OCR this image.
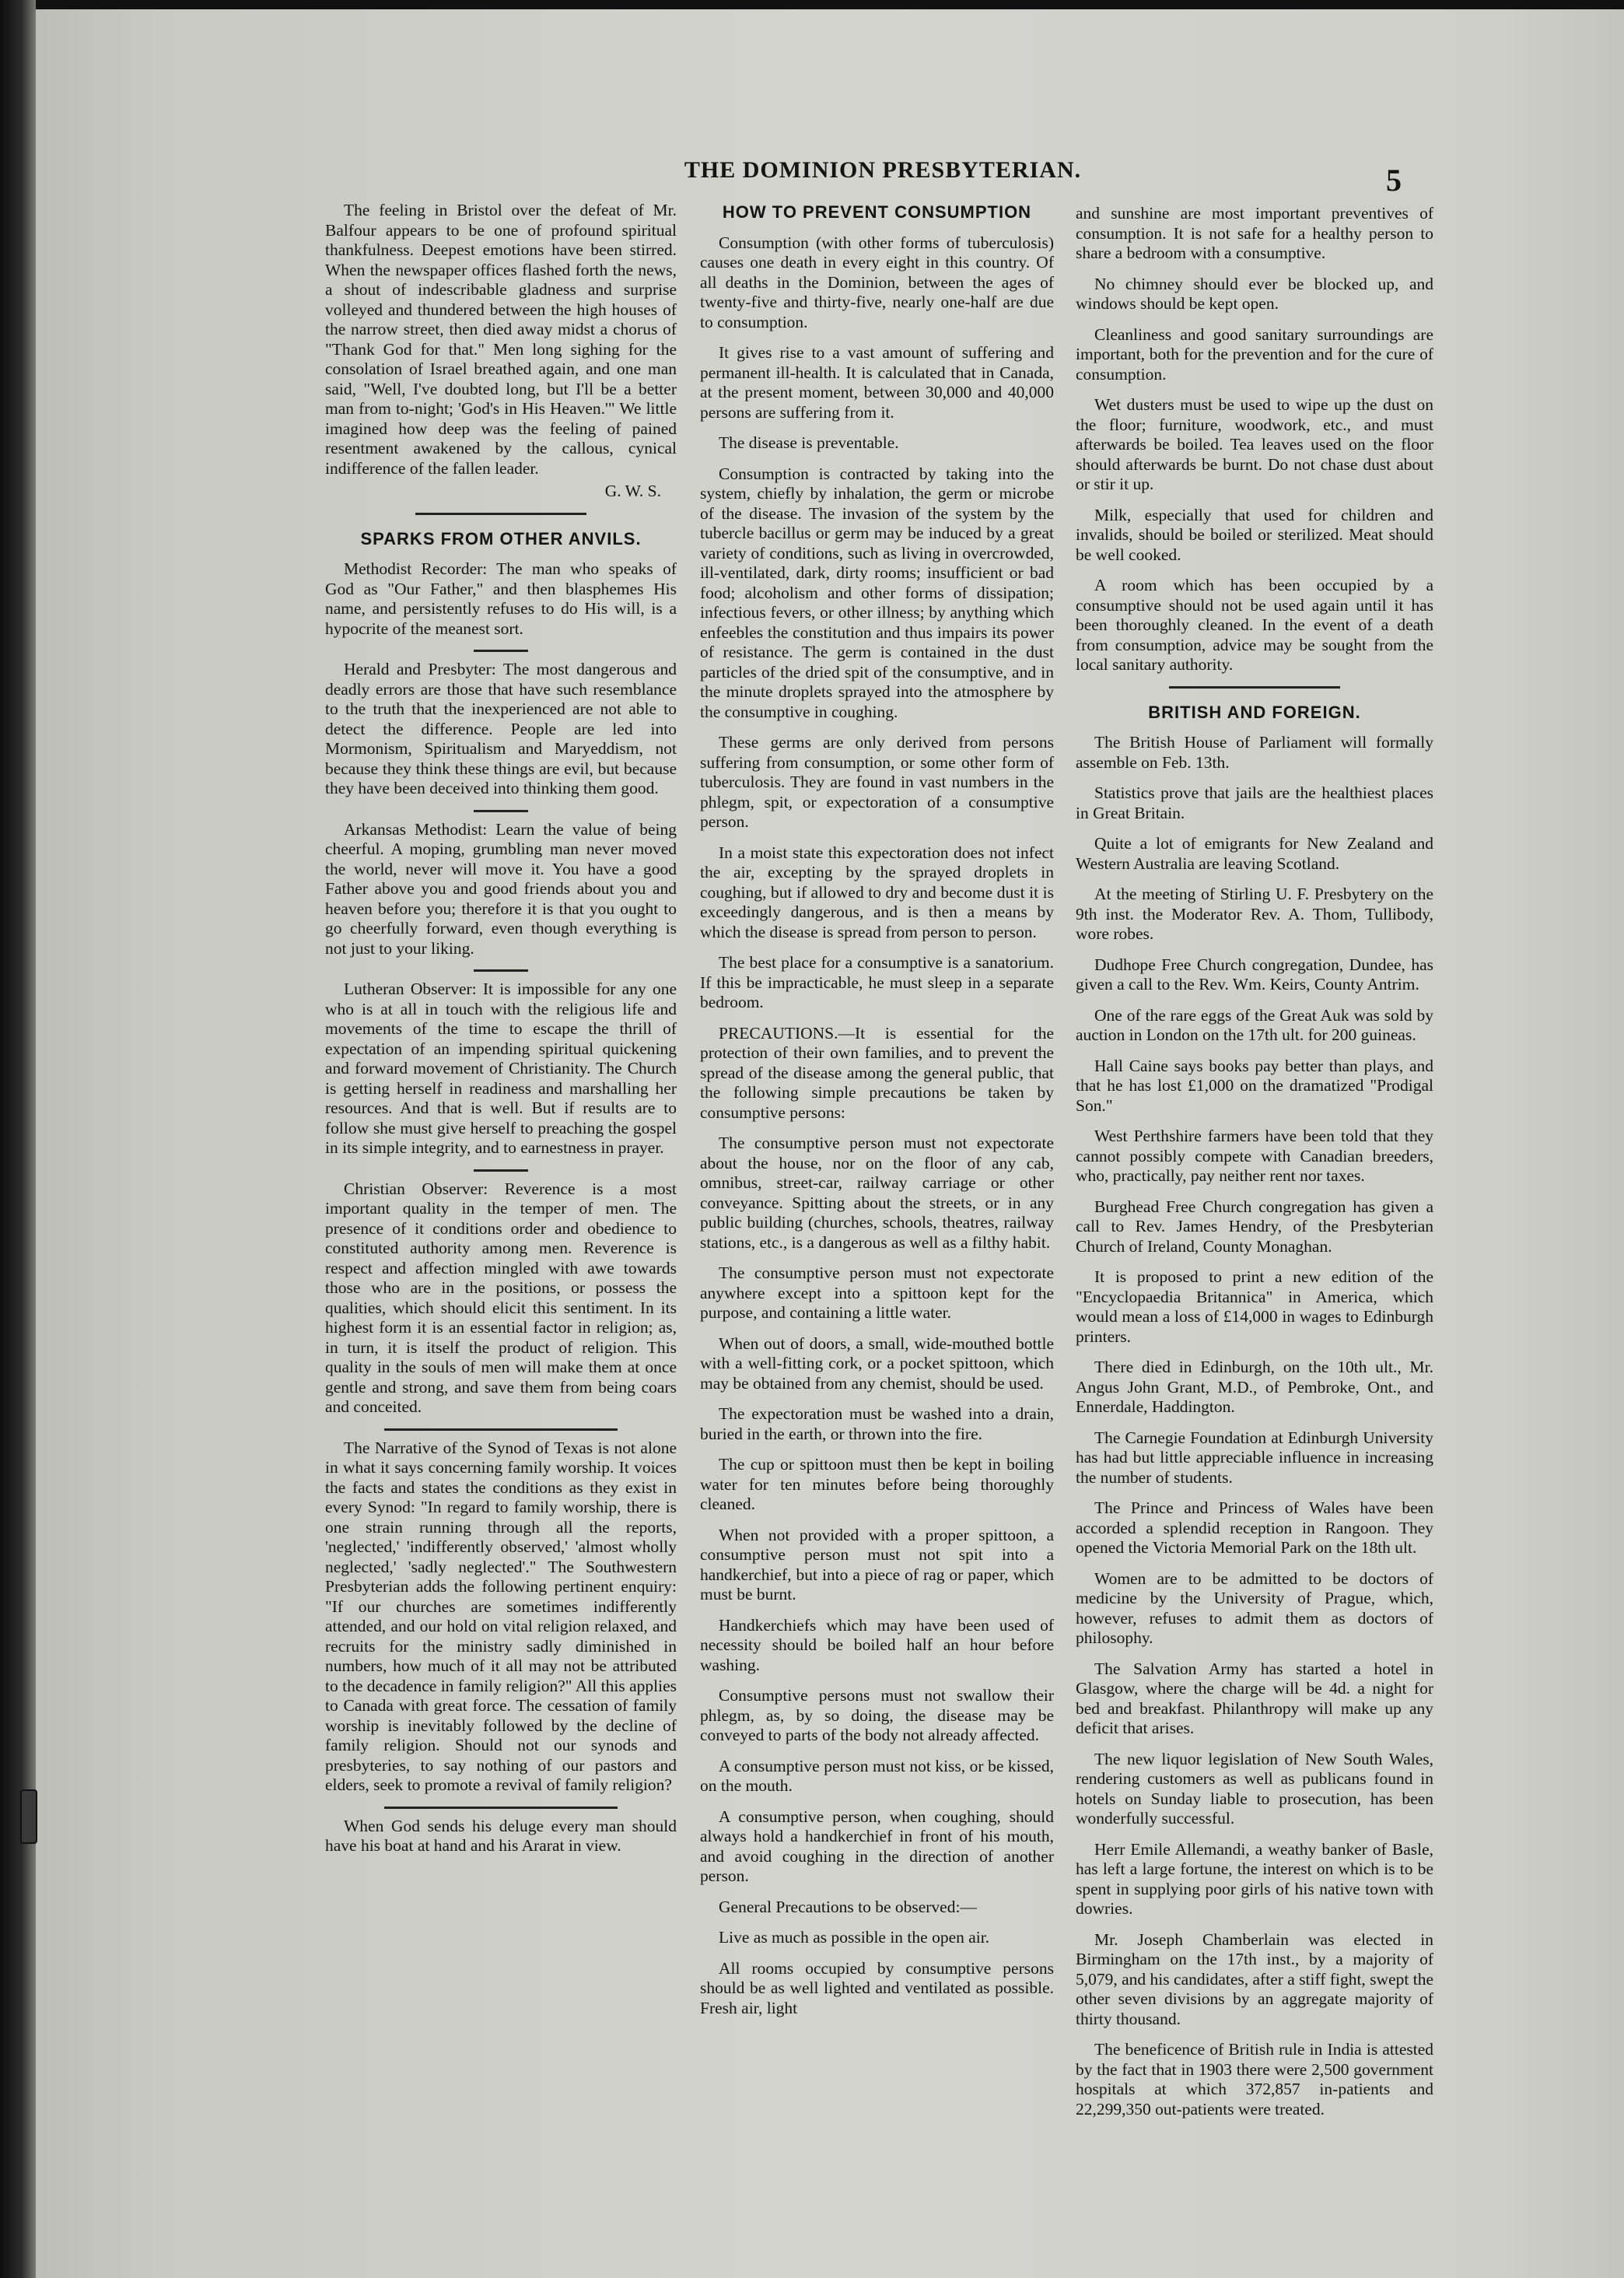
THE DOMINION PRESBYTERIAN.	5

The feeling in Bristol over the defeat of Mr. Balfour appears to be one of profound spiritual thankfulness. Deepest emotions have been stirred. When the newspaper offices flashed forth the news, a shout of indescribable gladness and surprise volleyed and thundered between the high houses of the narrow street, then died away midst a chorus of "Thank God for that." Men long sighing for the consolation of Israel breathed again, and one man said, "Well, I've doubted long, but I'll be a better man from to-night; 'God's in His Heaven.'" We little imagined how deep was the feeling of pained resentment awakened by the callous, cynical indifference of the fallen leader.

G. W. S.
SPARKS FROM OTHER ANVILS.

Methodist Recorder: The man who speaks of God as "Our Father," and then blasphemes His name, and persistently refuses to do His will, is a hypocrite of the meanest sort.

Herald and Presbyter: The most dangerous and deadly errors are those that have such resemblance to the truth that the inexperienced are not able to detect the difference. People are led into Mormonism, Spiritualism and Maryeddism, not because they think these things are evil, but because they have been deceived into thinking them good.

Arkansas Methodist: Learn the value of being cheerful. A moping, grumbling man never moved the world, never will move it. You have a good Father above you and good friends about you and heaven before you; therefore it is that you ought to go cheerfully forward, even though everything is not just to your liking.

Lutheran Observer: It is impossible for any one who is at all in touch with the religious life and movements of the time to escape the thrill of expectation of an impending spiritual quickening and forward movement of Christianity. The Church is getting herself in readiness and marshalling her resources. And that is well. But if results are to follow she must give herself to preaching the gospel in its simple integrity, and to earnestness in prayer.

Christian Observer: Reverence is a most important quality in the temper of men. The presence of it conditions order and obedience to constituted authority among men. Reverence is respect and affection mingled with awe towards those who are in the positions, or possess the qualities, which should elicit this sentiment. In its highest form it is an essential factor in religion; as, in turn, it is itself the product of religion. This quality in the souls of men will make them at once gentle and strong, and save them from being coars and conceited.

The Narrative of the Synod of Texas is not alone in what it says concerning family worship. It voices the facts and states the conditions as they exist in every Synod: "In regard to family worship, there is one strain running through all the reports, 'neglected,' 'indifferently observed,' 'almost wholly neglected,' 'sadly neglected'." The Southwestern Presbyterian adds the following pertinent enquiry: "If our churches are sometimes indifferently attended, and our hold on vital religion relaxed, and recruits for the ministry sadly diminished in numbers, how much of it all may not be attributed to the decadence in family religion?" All this applies to Canada with great force. The cessation of family worship is inevitably followed by the decline of family religion. Should not our synods and presbyteries, to say nothing of our pastors and elders, seek to promote a revival of family religion?

When God sends his deluge every man should have his boat at hand and his Ararat in view.

HOW TO PREVENT CONSUMPTION

Consumption (with other forms of tuberculosis) causes one death in every eight in this country. Of all deaths in the Dominion, between the ages of twenty-five and thirty-five, nearly one-half are due to consumption.

It gives rise to a vast amount of suffering and permanent ill-health. It is calculated that in Canada, at the present moment, between 30,000 and 40,000 persons are suffering from it.

The disease is preventable.

Consumption is contracted by taking into the system, chiefly by inhalation, the germ or microbe of the disease. The invasion of the system by the tubercle bacillus or germ may be induced by a great variety of conditions, such as living in overcrowded, ill-ventilated, dark, dirty rooms; insufficient or bad food; alcoholism and other forms of dissipation; infectious fevers, or other illness; by anything which enfeebles the constitution and thus impairs its power of resistance. The germ is contained in the dust particles of the dried spit of the consumptive, and in the minute droplets sprayed into the atmosphere by the consumptive in coughing.

These germs are only derived from persons suffering from consumption, or some other form of tuberculosis. They are found in vast numbers in the phlegm, spit, or expectoration of a consumptive person.

In a moist state this expectoration does not infect the air, excepting by the sprayed droplets in coughing, but if allowed to dry and become dust it is exceedingly dangerous, and is then a means by which the disease is spread from person to person.

The best place for a consumptive is a sanatorium. If this be impracticable, he must sleep in a separate bedroom.

PRECAUTIONS.—It is essential for the protection of their own families, and to prevent the spread of the disease among the general public, that the following simple precautions be taken by consumptive persons:

The consumptive person must not expectorate about the house, nor on the floor of any cab, omnibus, street-car, railway carriage or other conveyance. Spitting about the streets, or in any public building (churches, schools, theatres, railway stations, etc., is a dangerous as well as a filthy habit.

The consumptive person must not expectorate anywhere except into a spittoon kept for the purpose, and containing a little water.

When out of doors, a small, wide-mouthed bottle with a well-fitting cork, or a pocket spittoon, which may be obtained from any chemist, should be used.

The expectoration must be washed into a drain, buried in the earth, or thrown into the fire.

The cup or spittoon must then be kept in boiling water for ten minutes before being thoroughly cleaned.

When not provided with a proper spittoon, a consumptive person must not spit into a handkerchief, but into a piece of rag or paper, which must be burnt.

Handkerchiefs which may have been used of necessity should be boiled half an hour before washing.

Consumptive persons must not swallow their phlegm, as, by so doing, the disease may be conveyed to parts of the body not already affected.

A consumptive person must not kiss, or be kissed, on the mouth.

A consumptive person, when coughing, should always hold a handkerchief in front of his mouth, and avoid coughing in the direction of another person.

General Precautions to be observed:—

Live as much as possible in the open air.

All rooms occupied by consumptive persons should be as well lighted and ventilated as possible. Fresh air, light

and sunshine are most important preventives of consumption. It is not safe for a healthy person to share a bedroom with a consumptive.

No chimney should ever be blocked up, and windows should be kept open.

Cleanliness and good sanitary surroundings are important, both for the prevention and for the cure of consumption.

Wet dusters must be used to wipe up the dust on the floor; furniture, woodwork, etc., and must afterwards be boiled. Tea leaves used on the floor should afterwards be burnt. Do not chase dust about or stir it up.

Milk, especially that used for children and invalids, should be boiled or sterilized. Meat should be well cooked.

A room which has been occupied by a consumptive should not be used again until it has been thoroughly cleaned. In the event of a death from consumption, advice may be sought from the local sanitary authority.

BRITISH AND FOREIGN.

The British House of Parliament will formally assemble on Feb. 13th.

Statistics prove that jails are the healthiest places in Great Britain.

Quite a lot of emigrants for New Zealand and Western Australia are leaving Scotland.

At the meeting of Stirling U. F. Presbytery on the 9th inst. the Moderator Rev. A. Thom, Tullibody, wore robes.

Dudhope Free Church congregation, Dundee, has given a call to the Rev. Wm. Keirs, County Antrim.

One of the rare eggs of the Great Auk was sold by auction in London on the 17th ult. for 200 guineas.

Hall Caine says books pay better than plays, and that he has lost £1,000 on the dramatized "Prodigal Son."

West Perthshire farmers have been told that they cannot possibly compete with Canadian breeders, who, practically, pay neither rent nor taxes.

Burghead Free Church congregation has given a call to Rev. James Hendry, of the Presbyterian Church of Ireland, County Monaghan.

It is proposed to print a new edition of the "Encyclopaedia Britannica" in America, which would mean a loss of £14,000 in wages to Edinburgh printers.

There died in Edinburgh, on the 10th ult., Mr. Angus John Grant, M.D., of Pembroke, Ont., and Ennerdale, Haddington.

The Carnegie Foundation at Edinburgh University has had but little appreciable influence in increasing the number of students.

The Prince and Princess of Wales have been accorded a splendid reception in Rangoon. They opened the Victoria Memorial Park on the 18th ult.

Women are to be admitted to be doctors of medicine by the University of Prague, which, however, refuses to admit them as doctors of philosophy.

The Salvation Army has started a hotel in Glasgow, where the charge will be 4d. a night for bed and breakfast. Philanthropy will make up any deficit that arises.

The new liquor legislation of New South Wales, rendering customers as well as publicans found in hotels on Sunday liable to prosecution, has been wonderfully successful.

Herr Emile Allemandi, a weathy banker of Basle, has left a large fortune, the interest on which is to be spent in supplying poor girls of his native town with dowries.

Mr. Joseph Chamberlain was elected in Birmingham on the 17th inst., by a majority of 5,079, and his candidates, after a stiff fight, swept the other seven divisions by an aggregate majority of thirty thousand.

The beneficence of British rule in India is attested by the fact that in 1903 there were 2,500 government hospitals at which 372,857 in-patients and 22,299,350 out-patients were treated.
